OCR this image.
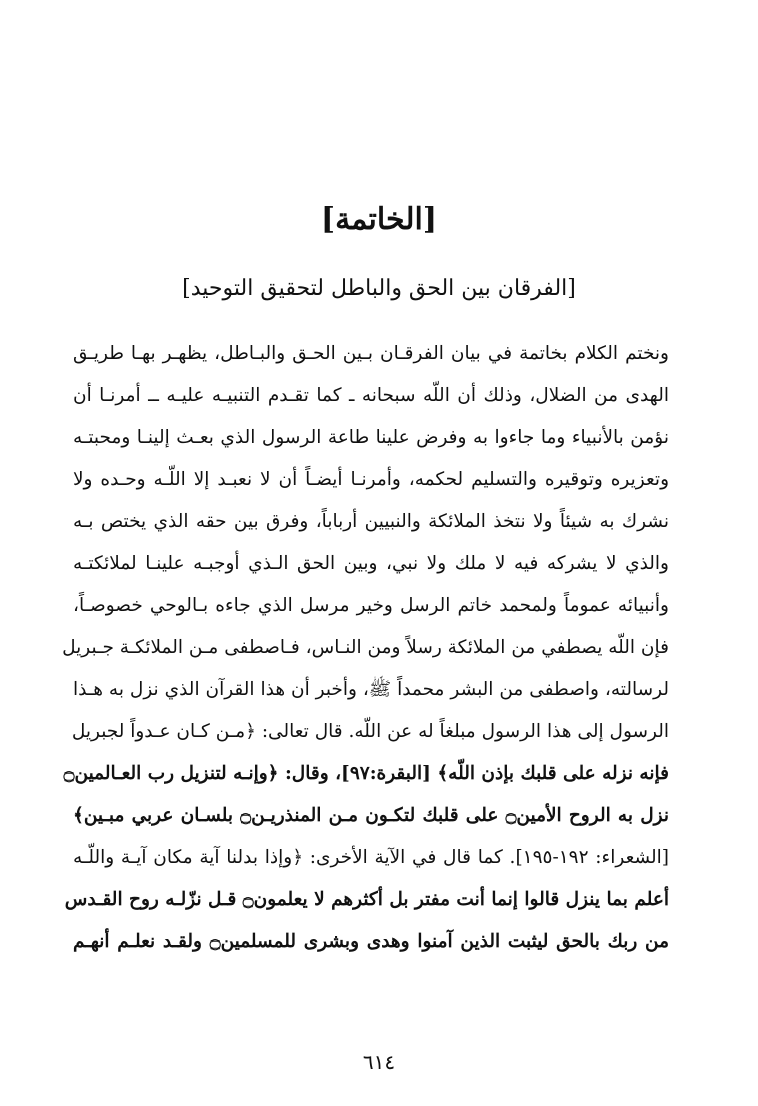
[الخاتمة]
[الفرقان بين الحق والباطل لتحقيق التوحيد]
ونختم الكلام بخاتمة في بيان الفرقـان بـين الحـق والبـاطل، يظهـر بهـا طريـق
الهدى من الضلال، وذلك أن اللّه سبحانه ـ كما تقـدم التنبيـه عليـه ــ أمرنـا أن
نؤمن بالأنبياء وما جاءوا به وفرض علينا طاعة الرسول الذي بعـث إلينـا ومحبتـه
وتعزيره وتوقيره والتسليم لحكمه، وأمرنـا أيضـاً أن لا نعبـد إلا اللّـه وحـده ولا
نشرك به شيئاً ولا نتخذ الملائكة والنبيين أرباباً، وفرق بين حقه الذي يختص بـه
والذي لا يشركه فيه لا ملك ولا نبي، وبين الحق الـذي أوجبـه علينـا لملائكتـه
وأنبيائه عموماً ولمحمد خاتم الرسل وخير مرسل الذي جاءه بـالوحي خصوصـاً،
فإن اللّه يصطفي من الملائكة رسلاً ومن النـاس، فـاصطفى مـن الملائكـة جـبريل
لرسالته، واصطفى من البشر محمداً ﷺ، وأخبر أن هذا القرآن الذي نزل به هـذا
الرسول إلى هذا الرسول مبلغاً له عن اللّه. قال تعالى: ﴿مـن كـان عـدواً لجبريل
فإنه نزله على قلبك بإذن اللّه﴾ [البقرة:٩٧]، وقال: ﴿وإنـه لتنزيل رب العـالمين۝
نزل به الروح الأمين۝ على قلبك لتكـون مـن المنذريـن۝ بلسـان عربي مبـين﴾
[الشعراء: ١٩٢-١٩٥]. كما قال في الآية الأخرى: ﴿وإذا بدلنا آية مكان آيـة واللّـه
أعلم بما ينزل قالوا إنما أنت مفتر بل أكثرهم لا يعلمون۝ قـل نزّلـه روح القـدس
من ربك بالحق ليثبت الذين آمنوا وهدى وبشرى للمسلمين۝ ولقـد نعلـم أنهـم
٦١٤
